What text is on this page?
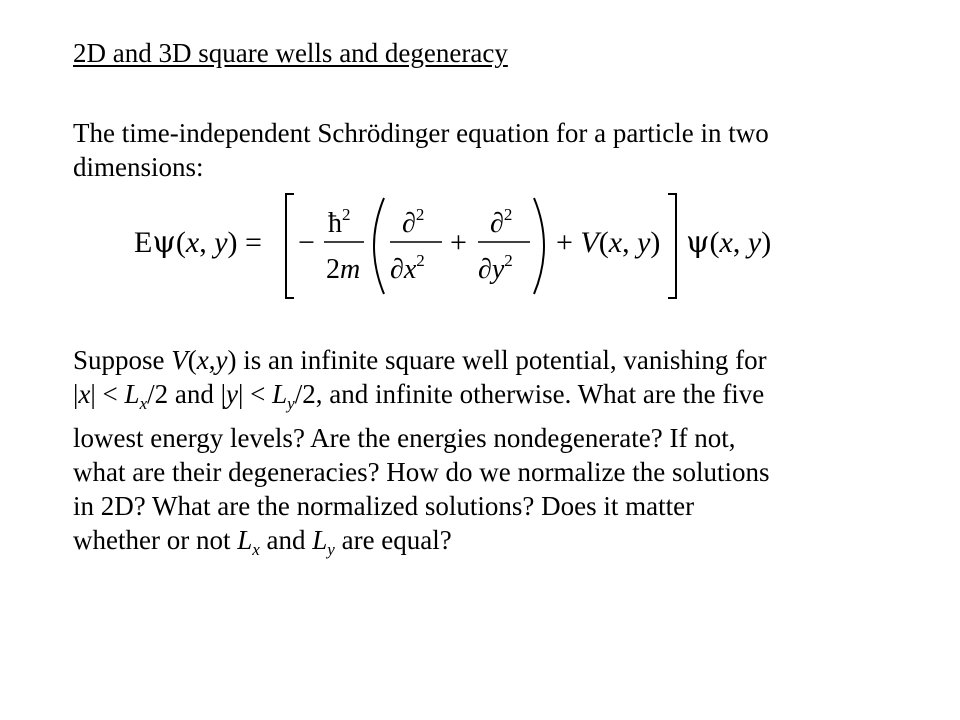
2D and 3D square wells and degeneracy
The time-independent Schrödinger equation for a particle in two dimensions:
Eψ(x, y) = −
$ħ^2$
2m
∂$^2$
$\partial x^2$
+
∂$^2$
$\partial y^2$
+ V(x, y) ψ(x, y)
Suppose V(x,y) is an infinite square well potential, vanishing for
$|x| < L_x/2$ and $|y| < L_y/2$, and infinite otherwise. What are the five
lowest energy levels? Are the energies nondegenerate? If not,
what are their degeneracies? How do we normalize the solutions
in 2D? What are the normalized solutions? Does it matter
whether or not $L_x$ and $L_y$ are equal?
